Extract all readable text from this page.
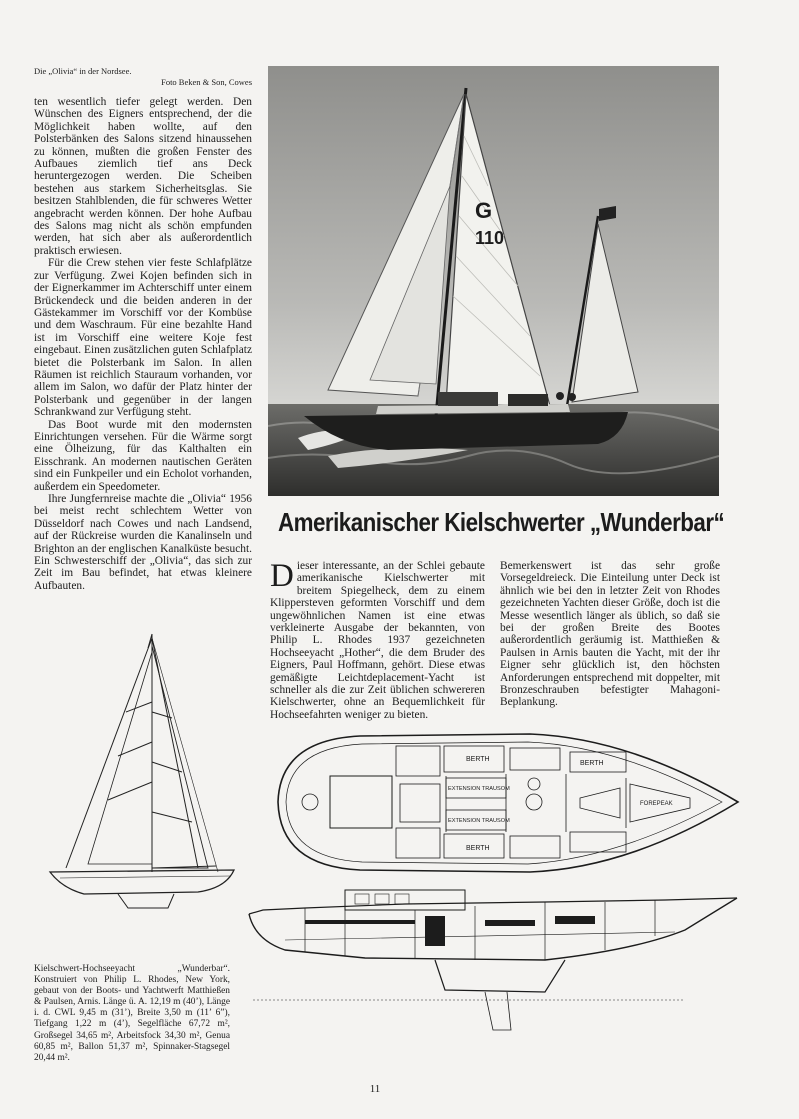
Die „Olivia“ in der Nordsee.
Foto Beken & Son, Cowes
G
110

ten wesentlich tiefer gelegt werden. Den Wünschen des Eigners entsprechend, der die Möglichkeit haben wollte, auf den Polsterbänken des Salons sitzend hinaussehen zu können, mußten die großen Fenster des Aufbaues ziemlich tief ans Deck heruntergezogen werden. Die Scheiben bestehen aus starkem Sicherheitsglas. Sie besitzen Stahlblenden, die für schweres Wetter angebracht werden können. Der hohe Aufbau des Salons mag nicht als schön empfunden werden, hat sich aber als außerordentlich praktisch erwiesen.

Für die Crew stehen vier feste Schlafplätze zur Verfügung. Zwei Kojen befinden sich in der Eignerkammer im Achterschiff unter einem Brückendeck und die beiden anderen in der Gästekammer im Vorschiff vor der Kombüse und dem Waschraum. Für eine bezahlte Hand ist im Vorschiff eine weitere Koje fest eingebaut. Einen zusätzlichen guten Schlafplatz bietet die Polsterbank im Salon. In allen Räumen ist reichlich Stauraum vorhanden, vor allem im Salon, wo dafür der Platz hinter der Polsterbank und gegenüber in der langen Schrankwand zur Verfügung steht.

Das Boot wurde mit den modernsten Einrichtungen versehen. Für die Wärme sorgt eine Ölheizung, für das Kalthalten ein Eisschrank. An modernen nautischen Geräten sind ein Funkpeiler und ein Echolot vorhanden, außerdem ein Speedometer.

Ihre Jungfernreise machte die „Olivia“ 1956 bei meist recht schlechtem Wetter von Düsseldorf nach Cowes und nach Landsend, auf der Rückreise wurden die Kanalinseln und Brighton an der englischen Kanalküste besucht. Ein Schwesterschiff der „Olivia“, das sich zur Zeit im Bau befindet, hat etwas kleinere Aufbauten.

Amerikanischer Kielschwerter „Wunderbar“

Dieser interessante, an der Schlei gebaute amerikanische Kielschwerter mit breitem Spiegelheck, dem zu einem Klippersteven geformten Vorschiff und dem ungewöhnlichen Namen ist eine etwas verkleinerte Ausgabe der bekannten, von Philip L. Rhodes 1937 gezeichneten Hochseeyacht „Hother“, die dem Bruder des Eigners, Paul Hoffmann, gehört. Diese etwas gemäßigte Leichtdeplacement-Yacht ist schneller als die zur Zeit üblichen schwereren Kielschwerter, ohne an Bequemlichkeit für Hochseefahrten weniger zu bieten.

Bemerkenswert ist das sehr große Vorsegeldreieck. Die Einteilung unter Deck ist ähnlich wie bei den in letzter Zeit von Rhodes gezeichneten Yachten dieser Größe, doch ist die Messe wesentlich länger als üblich, so daß sie bei der großen Breite des Bootes außerordentlich geräumig ist. Matthießen & Paulsen in Arnis bauten die Yacht, mit der ihr Eigner sehr glücklich ist, den höchsten Anforderungen entsprechend mit doppelter, mit Bronzeschrauben befestigter Mahagoni-Beplankung.

BERTH
BERTH
BERTH
EXTENSION TRAUSOM
EXTENSION TRAUSOM
FOREPEAK
Kielschwert-Hochseeyacht „Wunderbar“. Konstruiert von Philip L. Rhodes, New York, gebaut von der Boots- und Yachtwerft Matthießen & Paulsen, Arnis. Länge ü. A. 12,19 m (40’), Länge i. d. CWL 9,45 m (31’), Breite 3,50 m (11’ 6”), Tiefgang 1,22 m (4’), Segelfläche 67,72 m², Großsegel 34,65 m², Arbeitsfock 34,30 m², Genua 60,85 m², Ballon 51,37 m², Spinnaker-Stagsegel 20,44 m².
11
